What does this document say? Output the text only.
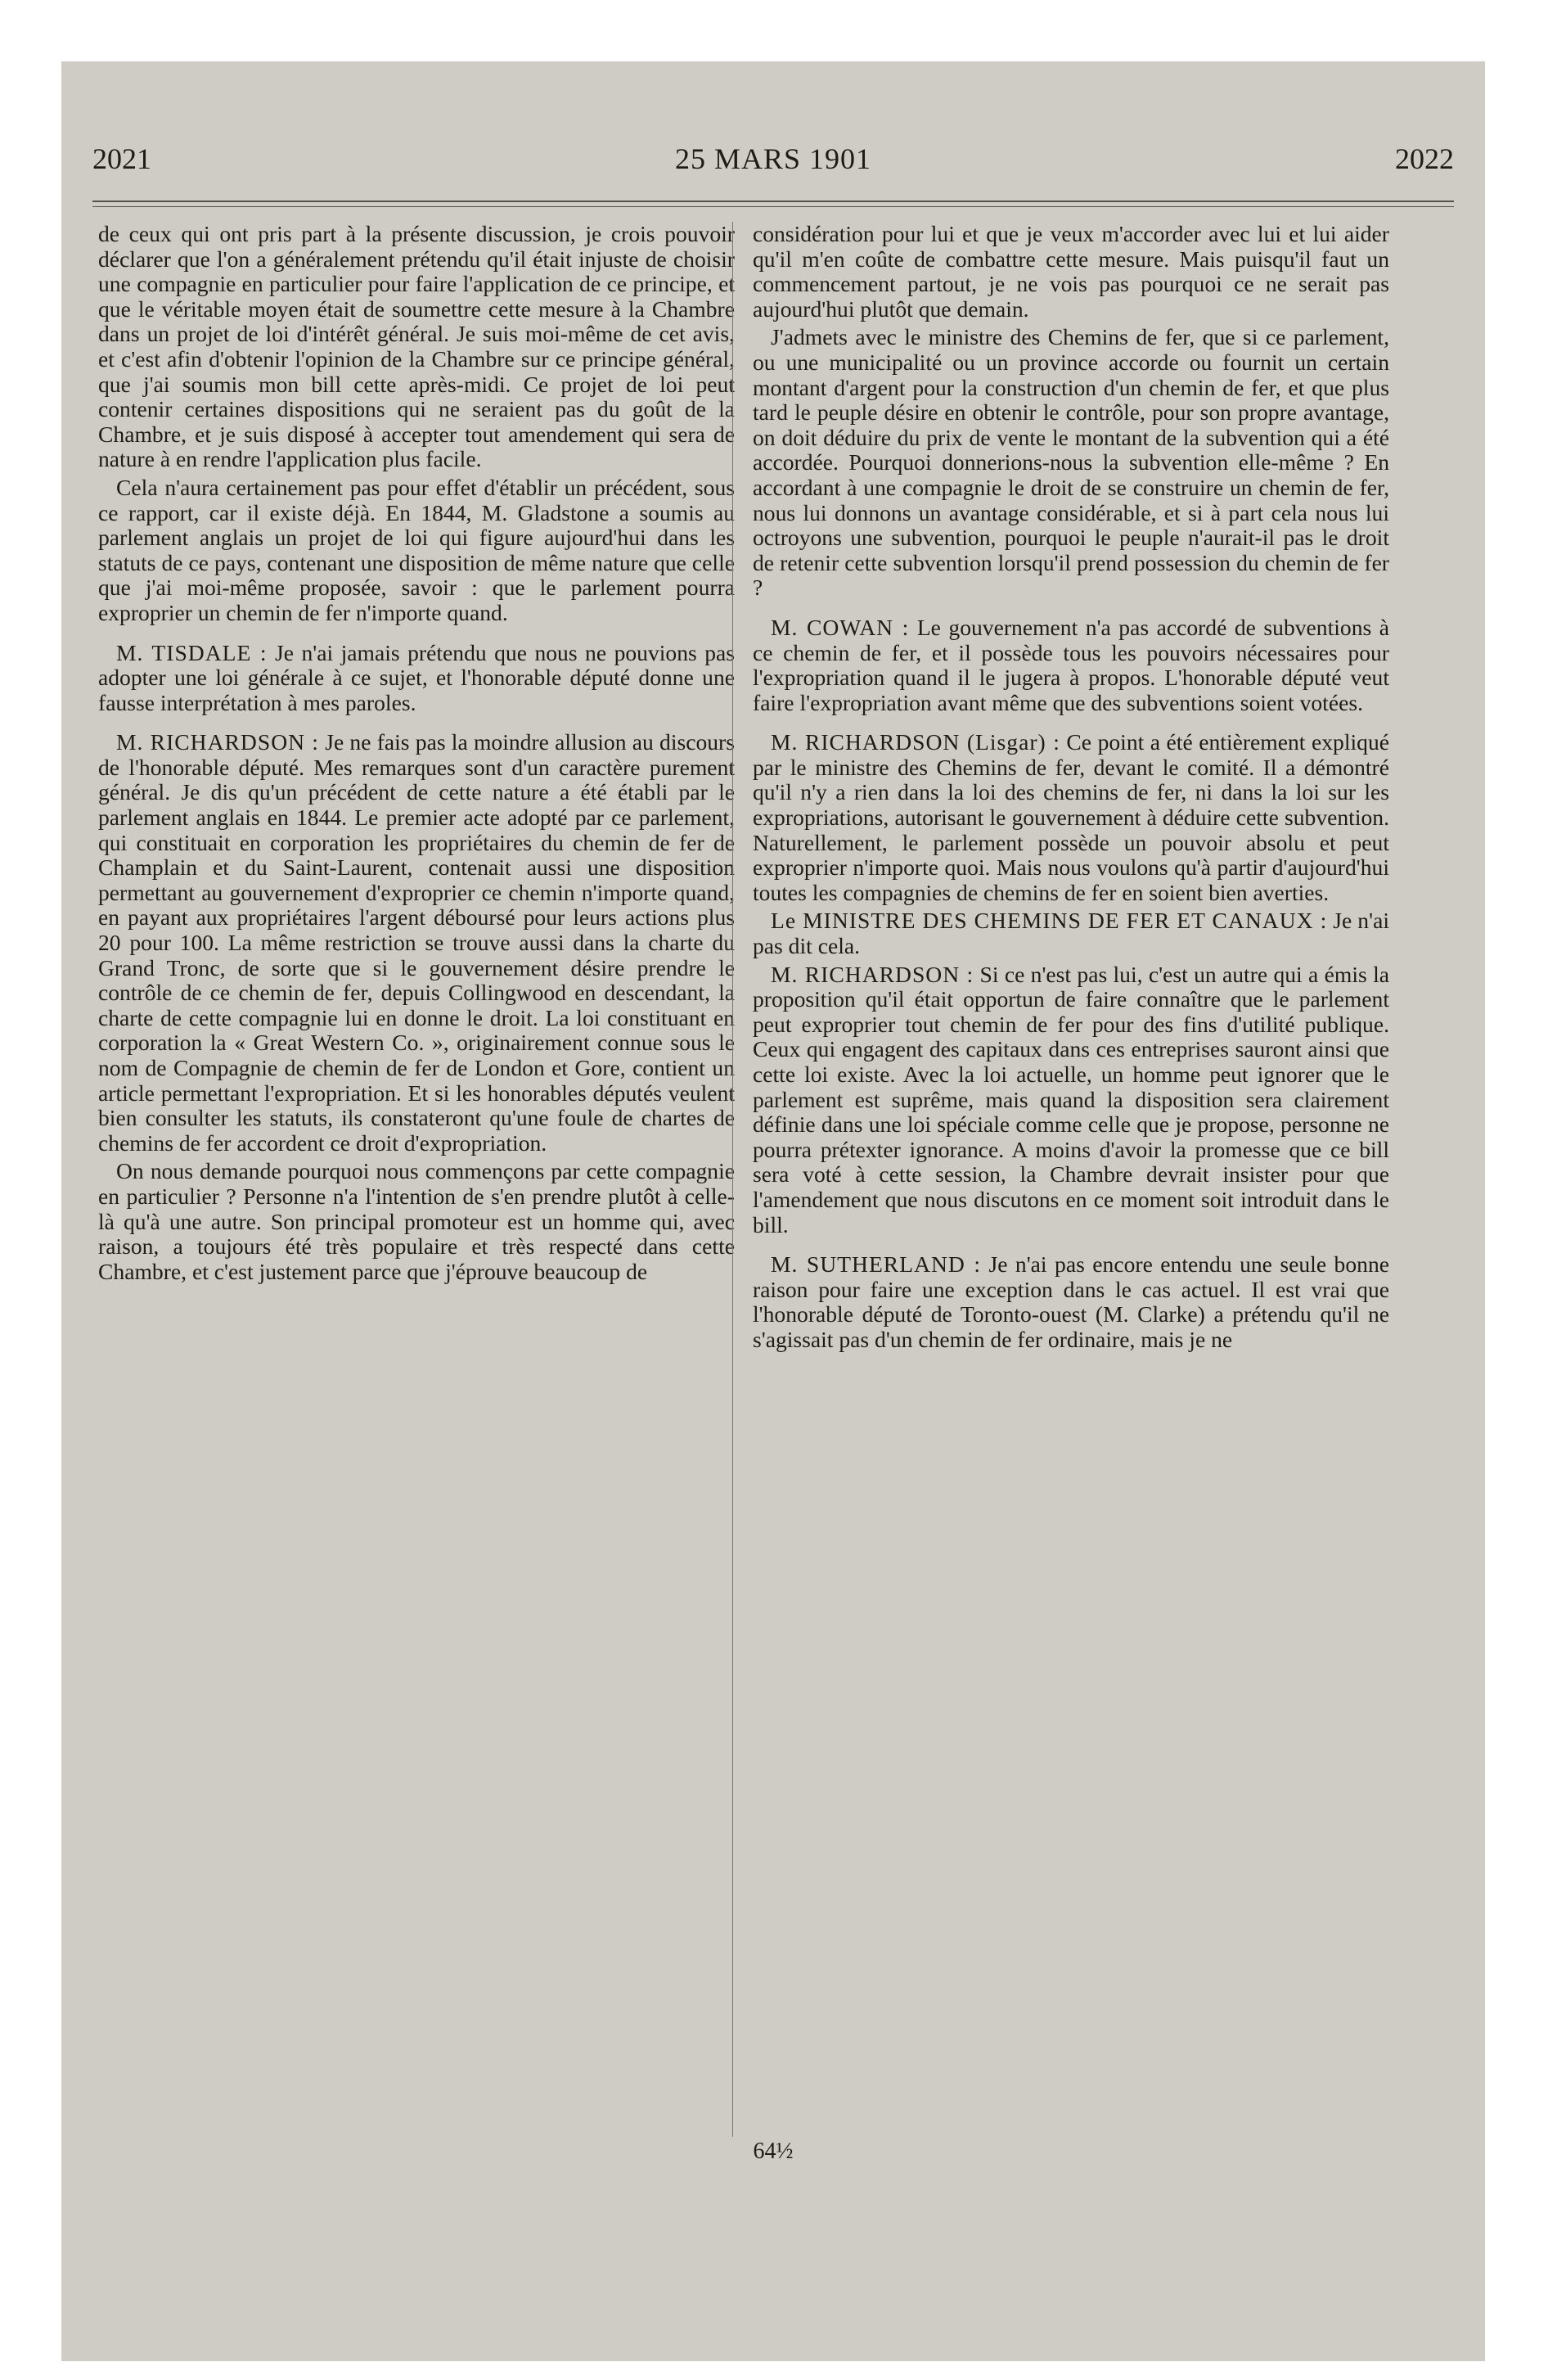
2021	25 MARS 1901	2022

de ceux qui ont pris part à la présente discussion, je crois pouvoir déclarer que l'on a généralement prétendu qu'il était injuste de choisir une compagnie en particulier pour faire l'application de ce principe, et que le véritable moyen était de soumettre cette mesure à la Chambre dans un projet de loi d'intérêt général. Je suis moi-même de cet avis, et c'est afin d'obtenir l'opinion de la Chambre sur ce principe général, que j'ai soumis mon bill cette après-midi. Ce projet de loi peut contenir certaines dispositions qui ne seraient pas du goût de la Chambre, et je suis disposé à accepter tout amendement qui sera de nature à en rendre l'application plus facile.

Cela n'aura certainement pas pour effet d'établir un précédent, sous ce rapport, car il existe déjà. En 1844, M. Gladstone a soumis au parlement anglais un projet de loi qui figure aujourd'hui dans les statuts de ce pays, contenant une disposition de même nature que celle que j'ai moi-même proposée, savoir : que le parlement pourra exproprier un chemin de fer n'importe quand.

M. TISDALE : Je n'ai jamais prétendu que nous ne pouvions pas adopter une loi générale à ce sujet, et l'honorable député donne une fausse interprétation à mes paroles.

M. RICHARDSON : Je ne fais pas la moindre allusion au discours de l'honorable député. Mes remarques sont d'un caractère purement général. Je dis qu'un précédent de cette nature a été établi par le parlement anglais en 1844. Le premier acte adopté par ce parlement, qui constituait en corporation les propriétaires du chemin de fer de Champlain et du Saint-Laurent, contenait aussi une disposition permettant au gouvernement d'exproprier ce chemin n'importe quand, en payant aux propriétaires l'argent déboursé pour leurs actions plus 20 pour 100. La même restriction se trouve aussi dans la charte du Grand Tronc, de sorte que si le gouvernement désire prendre le contrôle de ce chemin de fer, depuis Collingwood en descendant, la charte de cette compagnie lui en donne le droit. La loi constituant en corporation la « Great Western Co. », originairement connue sous le nom de Compagnie de chemin de fer de London et Gore, contient un article permettant l'expropriation. Et si les honorables députés veulent bien consulter les statuts, ils constateront qu'une foule de chartes de chemins de fer accordent ce droit d'expropriation.

On nous demande pourquoi nous commençons par cette compagnie en particulier ? Personne n'a l'intention de s'en prendre plutôt à celle-là qu'à une autre. Son principal promoteur est un homme qui, avec raison, a toujours été très populaire et très respecté dans cette Chambre, et c'est justement parce que j'éprouve beaucoup de

considération pour lui et que je veux m'accorder avec lui et lui aider qu'il m'en coûte de combattre cette mesure. Mais puisqu'il faut un commencement partout, je ne vois pas pourquoi ce ne serait pas aujourd'hui plutôt que demain.

J'admets avec le ministre des Chemins de fer, que si ce parlement, ou une municipalité ou un province accorde ou fournit un certain montant d'argent pour la construction d'un chemin de fer, et que plus tard le peuple désire en obtenir le contrôle, pour son propre avantage, on doit déduire du prix de vente le montant de la subvention qui a été accordée. Pourquoi donnerions-nous la subvention elle-même ? En accordant à une compagnie le droit de se construire un chemin de fer, nous lui donnons un avantage considérable, et si à part cela nous lui octroyons une subvention, pourquoi le peuple n'aurait-il pas le droit de retenir cette subvention lorsqu'il prend possession du chemin de fer ?

M. COWAN : Le gouvernement n'a pas accordé de subventions à ce chemin de fer, et il possède tous les pouvoirs nécessaires pour l'expropriation quand il le jugera à propos. L'honorable député veut faire l'expropriation avant même que des subventions soient votées.

M. RICHARDSON (Lisgar) : Ce point a été entièrement expliqué par le ministre des Chemins de fer, devant le comité. Il a démontré qu'il n'y a rien dans la loi des chemins de fer, ni dans la loi sur les expropriations, autorisant le gouvernement à déduire cette subvention. Naturellement, le parlement possède un pouvoir absolu et peut exproprier n'importe quoi. Mais nous voulons qu'à partir d'aujourd'hui toutes les compagnies de chemins de fer en soient bien averties.

Le MINISTRE DES CHEMINS DE FER ET CANAUX : Je n'ai pas dit cela.

M. RICHARDSON : Si ce n'est pas lui, c'est un autre qui a émis la proposition qu'il était opportun de faire connaître que le parlement peut exproprier tout chemin de fer pour des fins d'utilité publique. Ceux qui engagent des capitaux dans ces entreprises sauront ainsi que cette loi existe. Avec la loi actuelle, un homme peut ignorer que le parlement est suprême, mais quand la disposition sera clairement définie dans une loi spéciale comme celle que je propose, personne ne pourra prétexter ignorance. A moins d'avoir la promesse que ce bill sera voté à cette session, la Chambre devrait insister pour que l'amendement que nous discutons en ce moment soit introduit dans le bill.

M. SUTHERLAND : Je n'ai pas encore entendu une seule bonne raison pour faire une exception dans le cas actuel. Il est vrai que l'honorable député de Toronto-ouest (M. Clarke) a prétendu qu'il ne s'agissait pas d'un chemin de fer ordinaire, mais je ne

64½
